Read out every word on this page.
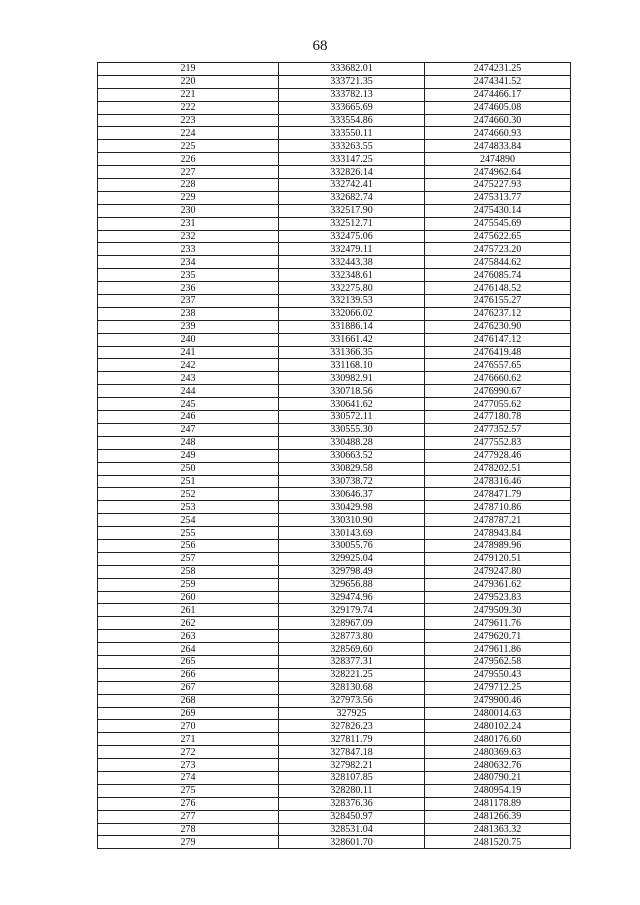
68
219	333682.01	2474231.25
220	333721.35	2474341.52
221	333782.13	2474466.17
222	333665.69	2474605.08
223	333554.86	2474660.30
224	333550.11	2474660.93
225	333263.55	2474833.84
226	333147.25	2474890
227	332826.14	2474962.64
228	332742.41	2475227.93
229	332682.74	2475313.77
230	332517.90	2475430.14
231	332512.71	2475545.69
232	332475.06	2475622.65
233	332479.11	2475723.20
234	332443.38	2475844.62
235	332348.61	2476085.74
236	332275.80	2476148.52
237	332139.53	2476155.27
238	332066.02	2476237.12
239	331886.14	2476230.90
240	331661.42	2476147.12
241	331366.35	2476419.48
242	331168.10	2476557.65
243	330982.91	2476660.62
244	330718.56	2476990.67
245	330641.62	2477055.62
246	330572.11	2477180.78
247	330555.30	2477352.57
248	330488.28	2477552.83
249	330663.52	2477928.46
250	330829.58	2478202.51
251	330738.72	2478316.46
252	330646.37	2478471.79
253	330429.98	2478710.86
254	330310.90	2478787.21
255	330143.69	2478943.84
256	330055.76	2478989.96
257	329925.04	2479120.51
258	329798.49	2479247.80
259	329656.88	2479361.62
260	329474.96	2479523.83
261	329179.74	2479509.30
262	328967.09	2479611.76
263	328773.80	2479620.71
264	328569.60	2479611.86
265	328377.31	2479562.58
266	328221.25	2479550.43
267	328130.68	2479712.25
268	327973.56	2479900.46
269	327925	2480014.63
270	327826.23	2480102.24
271	327811.79	2480176.60
272	327847.18	2480369.63
273	327982.21	2480632.76
274	328107.85	2480790.21
275	328280.11	2480954.19
276	328376.36	2481178.89
277	328450.97	2481266.39
278	328531.04	2481363.32
279	328601.70	2481520.75
